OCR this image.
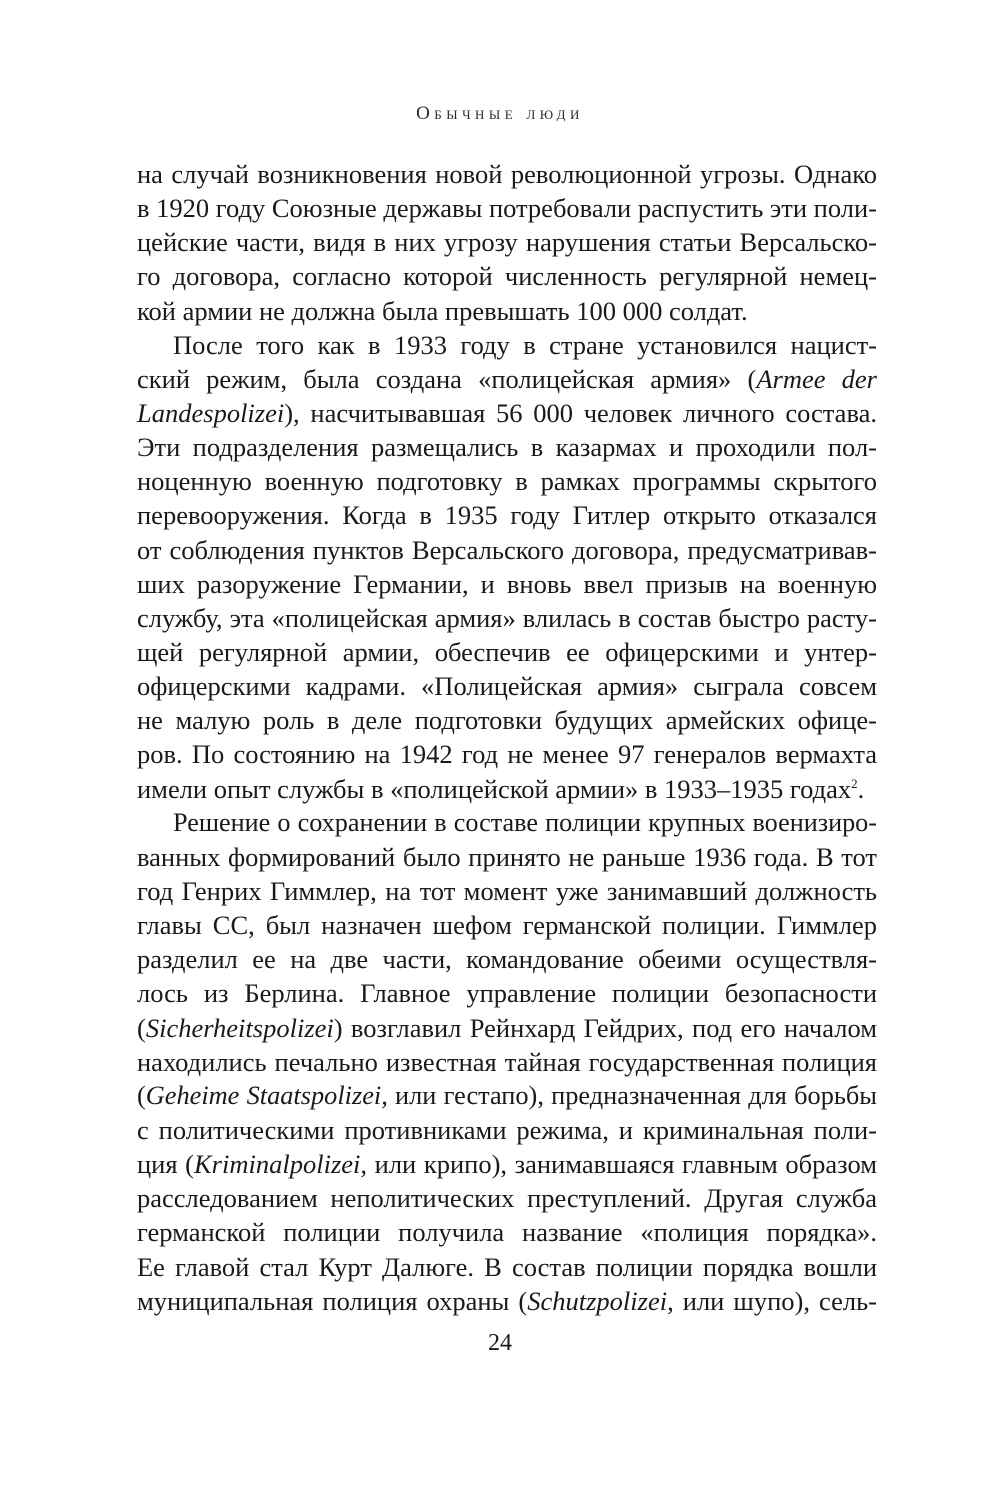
Обычные люди
на случай возникновения новой революционной угрозы. Однако
в 1920 году Союзные державы потребовали распустить эти поли-
цейские части, видя в них угрозу нарушения статьи Версальско-
го договора, согласно которой численность регулярной немец-
кой армии не должна была превышать 100 000 солдат.
После того как в 1933 году в стране установился нацист-
ский режим, была создана «полицейская армия» (Armee der
Landespolizei), насчитывавшая 56 000 человек личного состава.
Эти подразделения размещались в казармах и проходили пол-
ноценную военную подготовку в рамках программы скрытого
перевооружения. Когда в 1935 году Гитлер открыто отказался
от соблюдения пунктов Версальского договора, предусматривав-
ших разоружение Германии, и вновь ввел призыв на военную
службу, эта «полицейская армия» влилась в состав быстро расту-
щей регулярной армии, обеспечив ее офицерскими и унтер-
офицерскими кадрами. «Полицейская армия» сыграла совсем
не малую роль в деле подготовки будущих армейских офице-
ров. По состоянию на 1942 год не менее 97 генералов вермахта
имели опыт службы в «полицейской армии» в 1933–1935 годах$^2$.
Решение о сохранении в составе полиции крупных военизиро-
ванных формирований было принято не раньше 1936 года. В тот
год Генрих Гиммлер, на тот момент уже занимавший должность
главы СС, был назначен шефом германской полиции. Гиммлер
разделил ее на две части, командование обеими осуществля-
лось из Берлина. Главное управление полиции безопасности
(Sicherheitspolizei) возглавил Рейнхард Гейдрих, под его началом
находились печально известная тайная государственная полиция
(Geheime Staatspolizei, или гестапо), предназначенная для борьбы
с политическими противниками режима, и криминальная поли-
ция (Kriminalpolizei, или крипо), занимавшаяся главным образом
расследованием неполитических преступлений. Другая служба
германской полиции получила название «полиция порядка».
Ее главой стал Курт Далюге. В состав полиции порядка вошли
муниципальная полиция охраны (Schutzpolizei, или шупо), сель-
24
